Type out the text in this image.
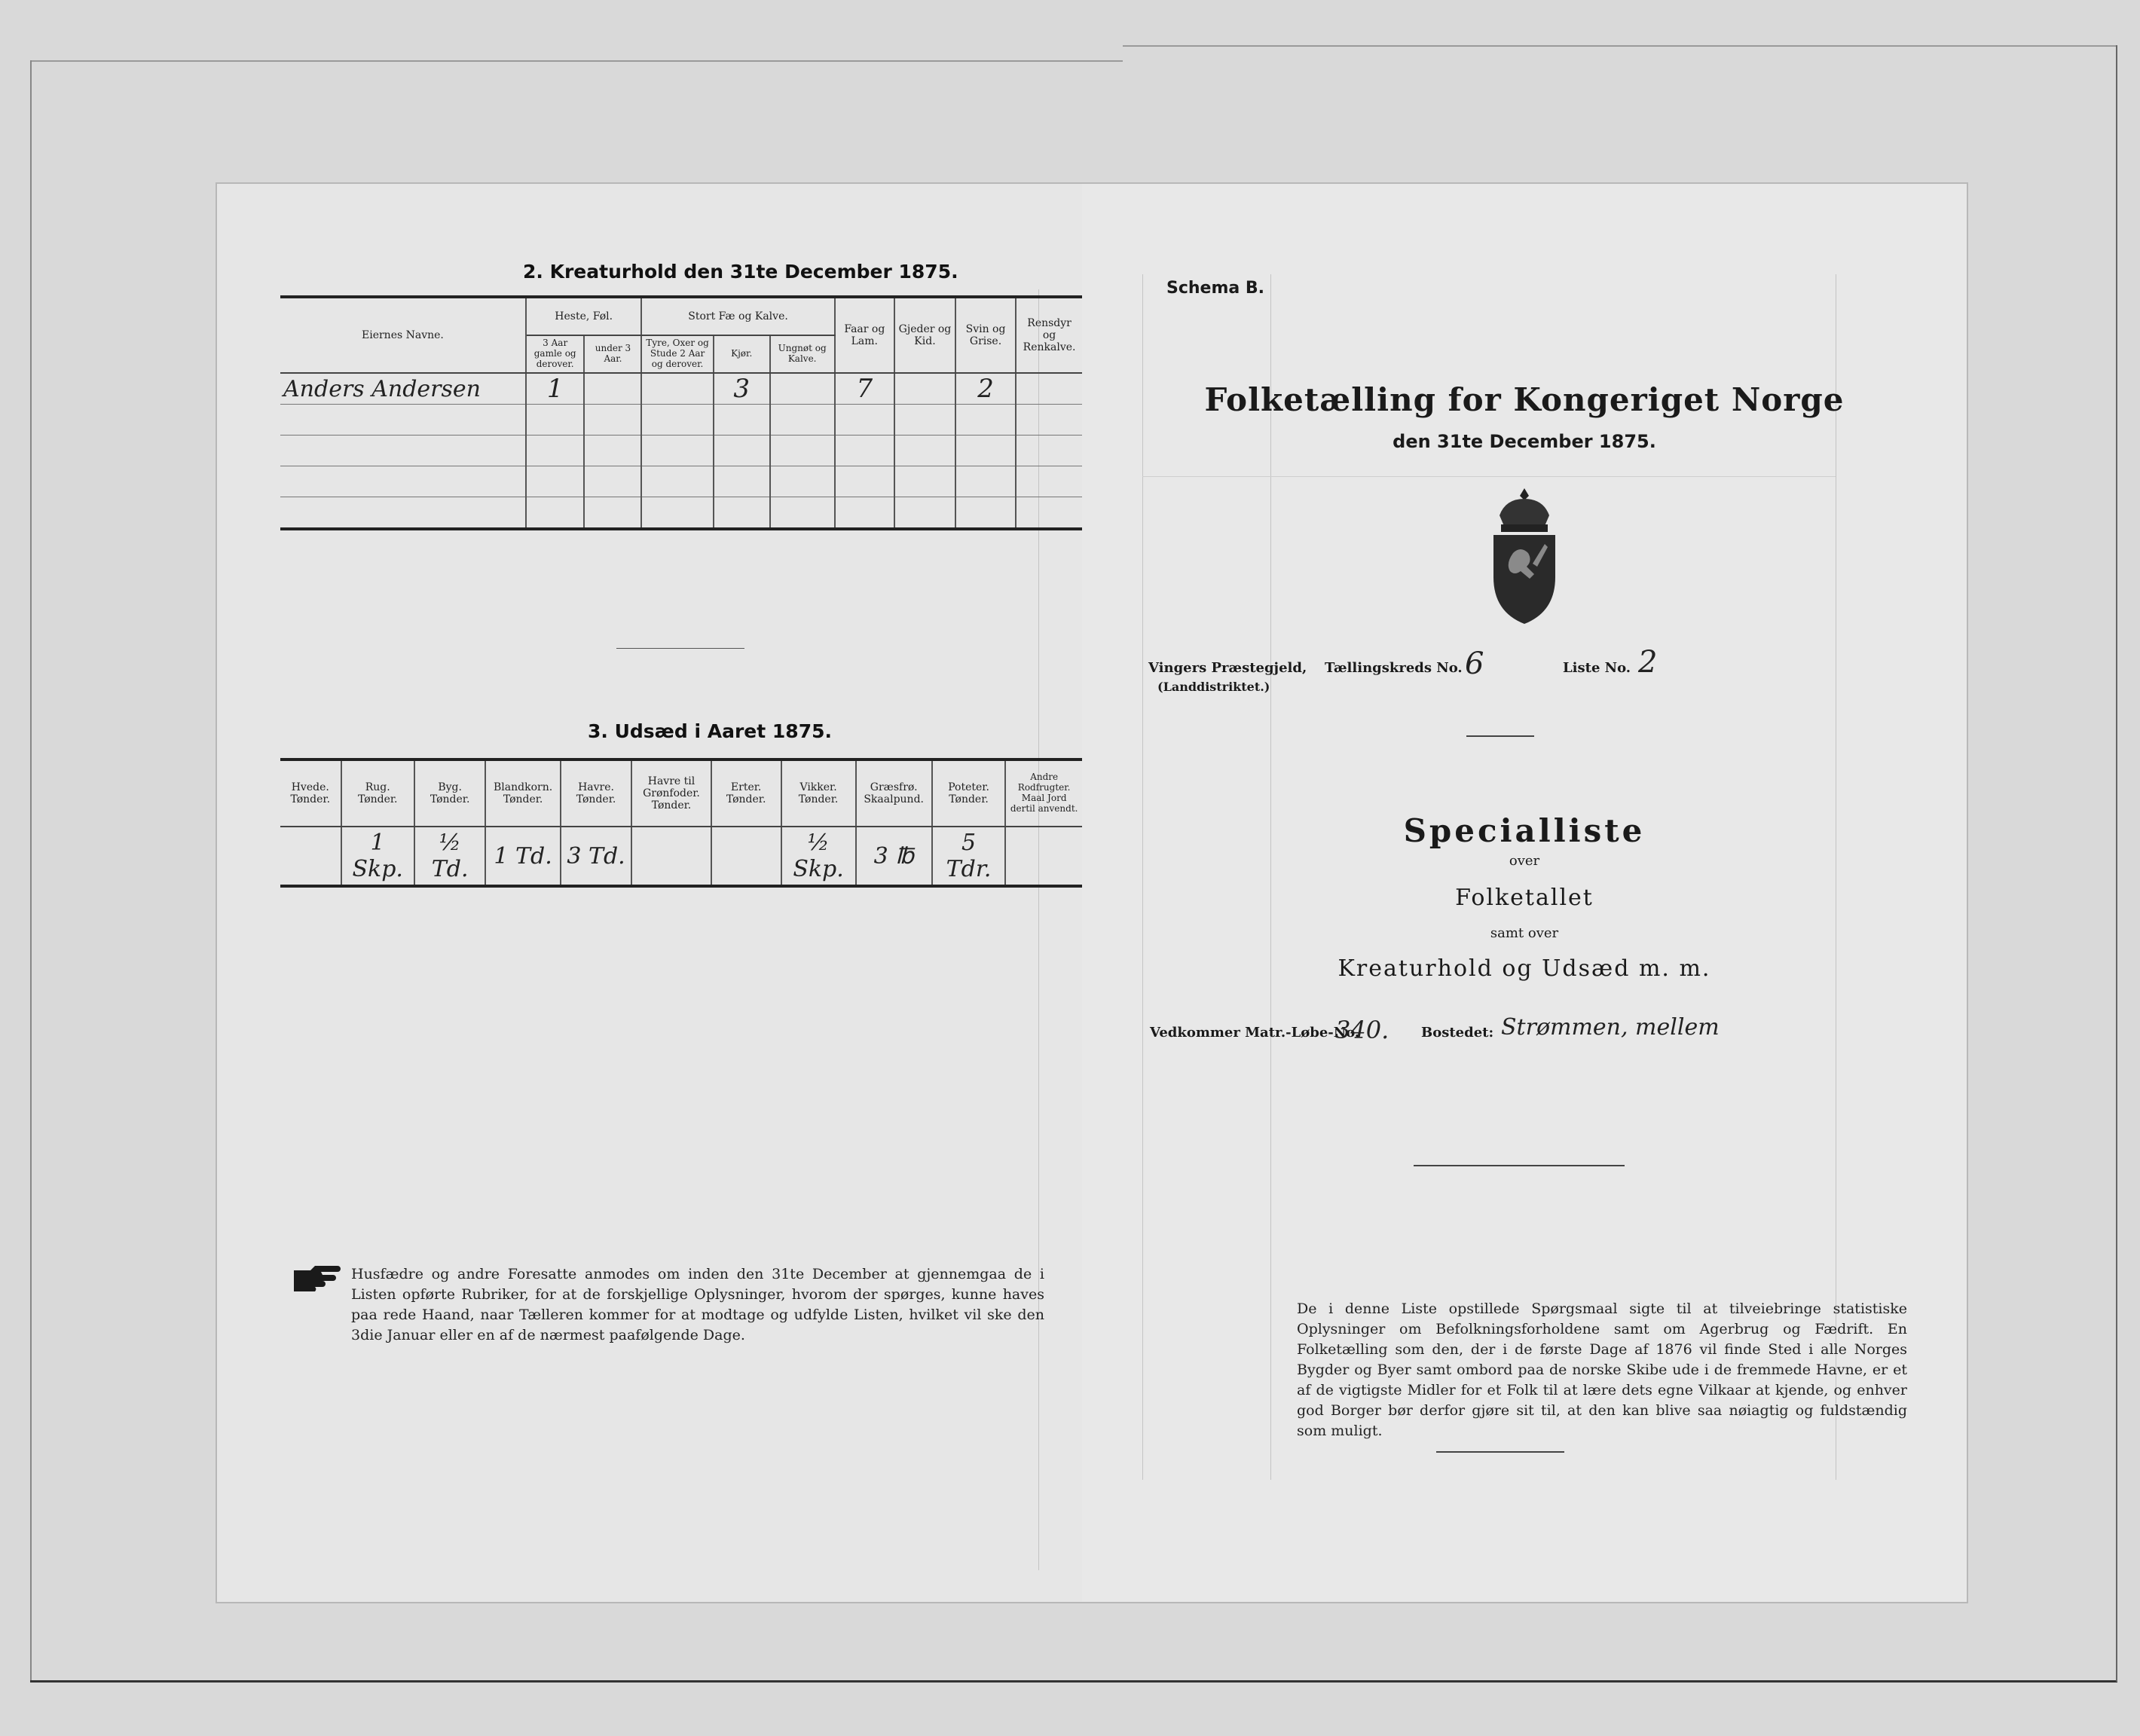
2. Kreaturhold den 31te December 1875.
Eiernes Navne.	Heste, Føl.		Stort Fæ og Kalve.			Faar og Lam.	Gjeder og Kid.	Svin og Grise.	Rensdyr og Renkalve.
	3 Aar gamle og derover.	under 3 Aar.	Tyre, Oxer og Stude 2 Aar og derover.	Kjør.	Ungnøt og Kalve.				
Anders Andersen	1			3		7		2	

3. Udsæd i Aaret 1875.
Hvede. Tønder.	Rug. Tønder.	Byg. Tønder.	Blandkorn. Tønder.	Havre. Tønder.	Havre til Grønfoder. Tønder.	Erter. Tønder.	Vikker. Tønder.	Græsfrø. Skaalpund.	Poteter. Tønder.	Andre Rodfrugter. Maal Jord dertil anvendt.
	1 Skp.	½ Td.	1 Td.	3 Td.			½ Skp.	3 ℔	5 Tdr.	
Husfædre og andre Foresatte anmodes om inden den 31te December at gjennemgaa de i Listen opførte Rubriker, for at de forskjellige Oplysninger, hvorom der spørges, kunne haves paa rede Haand, naar Tælleren kommer for at modtage og udfylde Listen, hvilket vil ske den 3die Januar eller en af de nærmest paafølgende Dage.
Schema B.
Folketælling for Kongeriget Norge
den 31te December 1875.
Vingers Præstegjeld,
(Landdistriktet.)
Tællingskreds No. 6	Liste No. 2
Specialliste
over
Folketallet
samt over
Kreaturhold og Udsæd m. m.
Vedkommer Matr.-Løbe-No.
340. Bostedet: Strømmen, mellem
De i denne Liste opstillede Spørgsmaal sigte til at tilveiebringe statistiske Oplysninger om Befolkningsforholdene samt om Agerbrug og Fædrift. En Folketælling som den, der i de første Dage af 1876 vil finde Sted i alle Norges Bygder og Byer samt ombord paa de norske Skibe ude i de fremmede Havne, er et af de vigtigste Midler for et Folk til at lære dets egne Vilkaar at kjende, og enhver god Borger bør derfor gjøre sit til, at den kan blive saa nøiagtig og fuldstændig som muligt.
